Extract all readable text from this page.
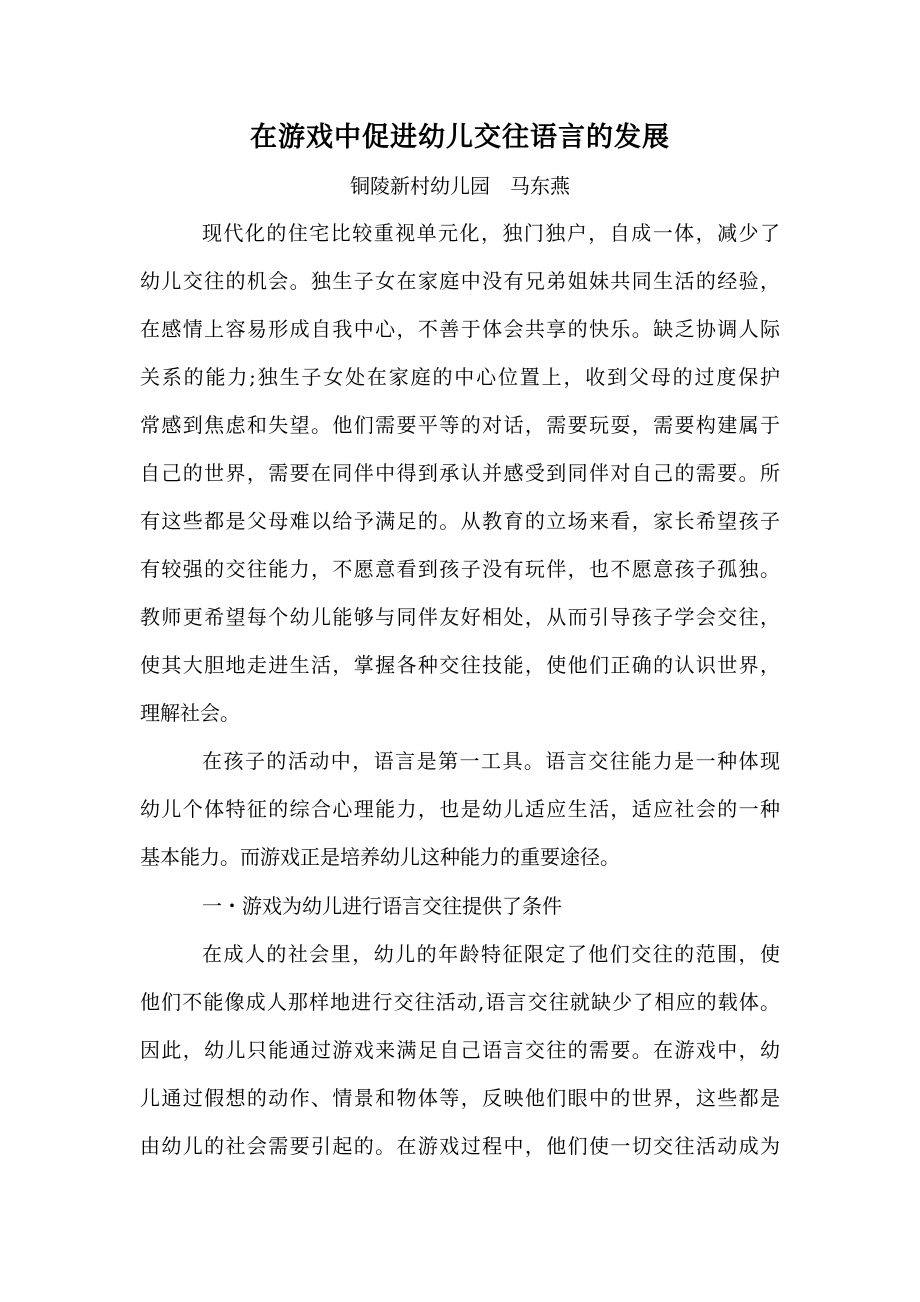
在游戏中促进幼儿交往语言的发展

铜陵新村幼儿园　马东燕

现代化的住宅比较重视单元化，独门独户，自成一体，减少了

幼儿交往的机会。独生子女在家庭中没有兄弟姐妹共同生活的经验，

在感情上容易形成自我中心，不善于体会共享的快乐。缺乏协调人际

关系的能力;独生子女处在家庭的中心位置上，收到父母的过度保护

常感到焦虑和失望。他们需要平等的对话，需要玩耍，需要构建属于

自己的世界，需要在同伴中得到承认并感受到同伴对自己的需要。所

有这些都是父母难以给予满足的。从教育的立场来看，家长希望孩子

有较强的交往能力，不愿意看到孩子没有玩伴，也不愿意孩子孤独。

教师更希望每个幼儿能够与同伴友好相处，从而引导孩子学会交往，

使其大胆地走进生活，掌握各种交往技能，使他们正确的认识世界，

理解社会。

在孩子的活动中，语言是第一工具。语言交往能力是一种体现

幼儿个体特征的综合心理能力，也是幼儿适应生活，适应社会的一种

基本能力。而游戏正是培养幼儿这种能力的重要途径。

一・游戏为幼儿进行语言交往提供了条件

在成人的社会里，幼儿的年龄特征限定了他们交往的范围，使

他们不能像成人那样地进行交往活动,语言交往就缺少了相应的载体。

因此，幼儿只能通过游戏来满足自己语言交往的需要。在游戏中，幼

儿通过假想的动作、情景和物体等，反映他们眼中的世界，这些都是

由幼儿的社会需要引起的。在游戏过程中，他们使一切交往活动成为
